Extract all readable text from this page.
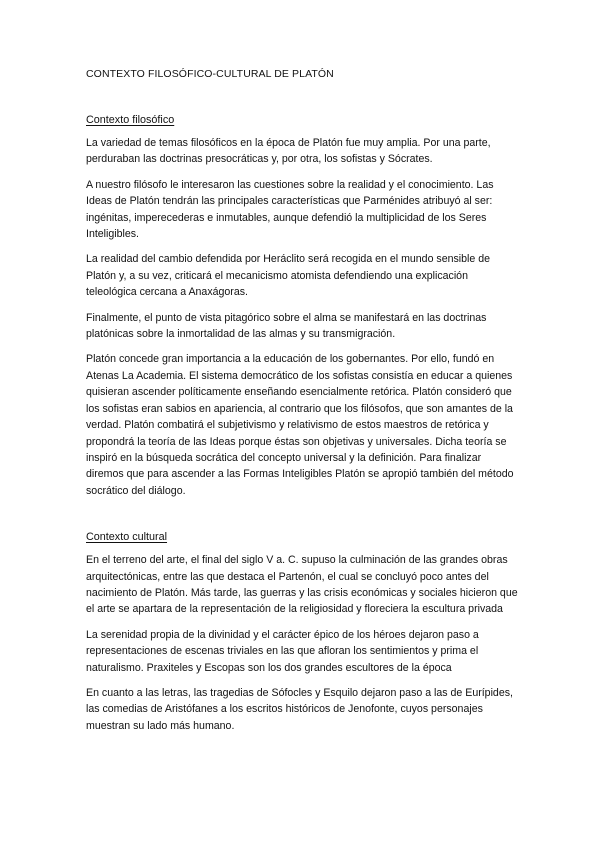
CONTEXTO FILOSÓFICO-CULTURAL DE PLATÓN
Contexto filosófico

La variedad de temas filosóficos en la época de Platón fue muy amplia. Por una parte, perduraban las doctrinas presocráticas y, por otra, los sofistas y Sócrates.

A nuestro filósofo le interesaron las cuestiones sobre la realidad y el conocimiento. Las Ideas de Platón tendrán las principales características que Parménides atribuyó al ser: ingénitas, imperecederas e inmutables, aunque defendió la multiplicidad de los Seres Inteligibles.

La realidad del cambio defendida por Heráclito será recogida en el mundo sensible de Platón y, a su vez, criticará el mecanicismo atomista defendiendo una explicación teleológica cercana a Anaxágoras.

Finalmente, el punto de vista pitagórico sobre el alma se manifestará en las doctrinas platónicas sobre la inmortalidad de las almas y su transmigración.

Platón concede gran importancia a la educación de los gobernantes. Por ello, fundó en Atenas La Academia. El sistema democrático de los sofistas consistía en educar a quienes quisieran ascender políticamente enseñando esencialmente retórica. Platón consideró que los sofistas eran sabios en apariencia, al contrario que los filósofos, que son amantes de la verdad. Platón combatirá el subjetivismo y relativismo de estos maestros de retórica y propondrá la teoría de las Ideas porque éstas son objetivas y universales. Dicha teoría se inspiró en la búsqueda socrática del concepto universal y la definición. Para finalizar diremos que para ascender a las Formas Inteligibles Platón se apropió también del método socrático del diálogo.

Contexto cultural

En el terreno del arte, el final del siglo V a. C. supuso la culminación de las grandes obras arquitectónicas, entre las que destaca el Partenón, el cual se concluyó poco antes del nacimiento de Platón. Más tarde, las guerras y las crisis económicas y sociales hicieron que el arte se apartara de la representación de la religiosidad y floreciera la escultura privada

La serenidad propia de la divinidad y el carácter épico de los héroes dejaron paso a representaciones de escenas triviales en las que afloran los sentimientos y prima el naturalismo. Praxiteles y Escopas son los dos grandes escultores de la época

En cuanto a las letras, las tragedias de Sófocles y Esquilo dejaron paso a las de Eurípides, las comedias de Aristófanes a los escritos históricos de Jenofonte, cuyos personajes muestran su lado más humano.
